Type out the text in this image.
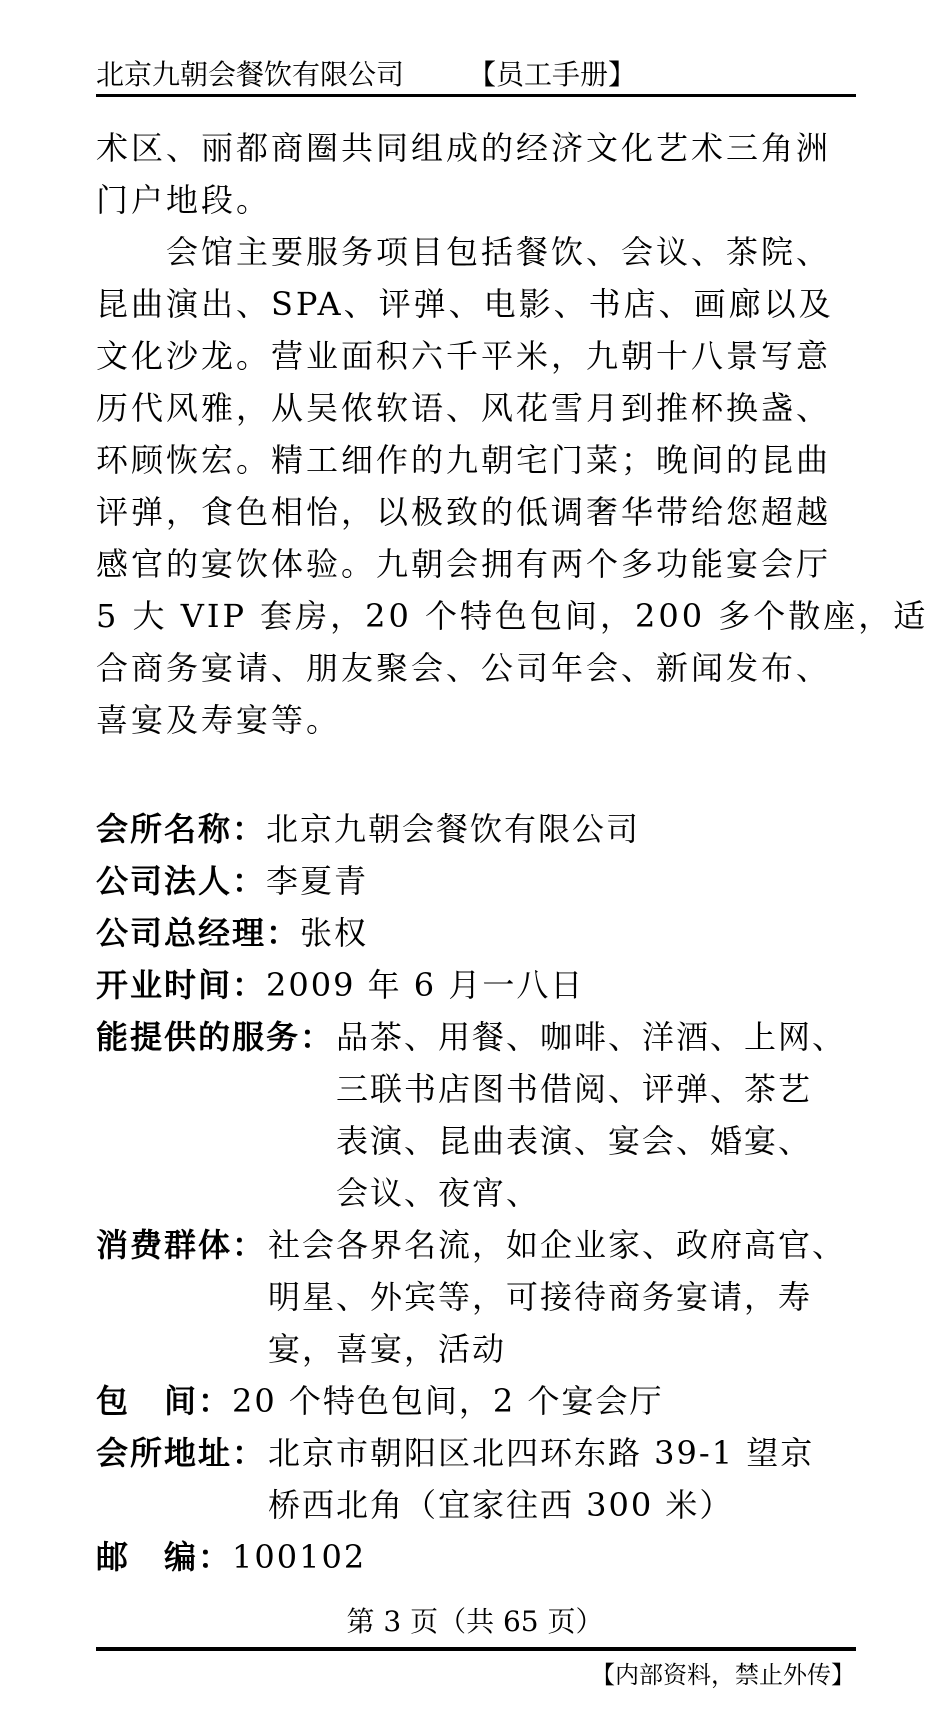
北京九朝会餐饮有限公司 【员工手册】
术区、丽都商圈共同组成的经济文化艺术三角洲
门户地段。
会馆主要服务项目包括餐饮、会议、茶院、
昆曲演出、SPA、评弹、电影、书店、画廊以及
文化沙龙。营业面积六千平米，九朝十八景写意
历代风雅，从吴侬软语、风花雪月到推杯换盏、
环顾恢宏。精工细作的九朝宅门菜；晚间的昆曲
评弹，食色相怡，以极致的低调奢华带给您超越
感官的宴饮体验。九朝会拥有两个多功能宴会厅
5 大 VIP 套房，20 个特色包间，200 多个散座，适
合商务宴请、朋友聚会、公司年会、新闻发布、
喜宴及寿宴等。
会所名称：北京九朝会餐饮有限公司
公司法人：李夏青
公司总经理：张权
开业时间：2009 年 6 月一八日
能提供的服务：品茶、用餐、咖啡、洋酒、上网、
三联书店图书借阅、评弹、茶艺
表演、昆曲表演、宴会、婚宴、
会议、夜宵、
消费群体：社会各界名流，如企业家、政府高官、
明星、外宾等，可接待商务宴请，寿
宴，喜宴，活动
包　间：20 个特色包间，2 个宴会厅
会所地址：北京市朝阳区北四环东路 39-1 望京
桥西北角（宜家往西 300 米）
邮　编：100102
第 3 页（共 65 页）
【内部资料，禁止外传】
